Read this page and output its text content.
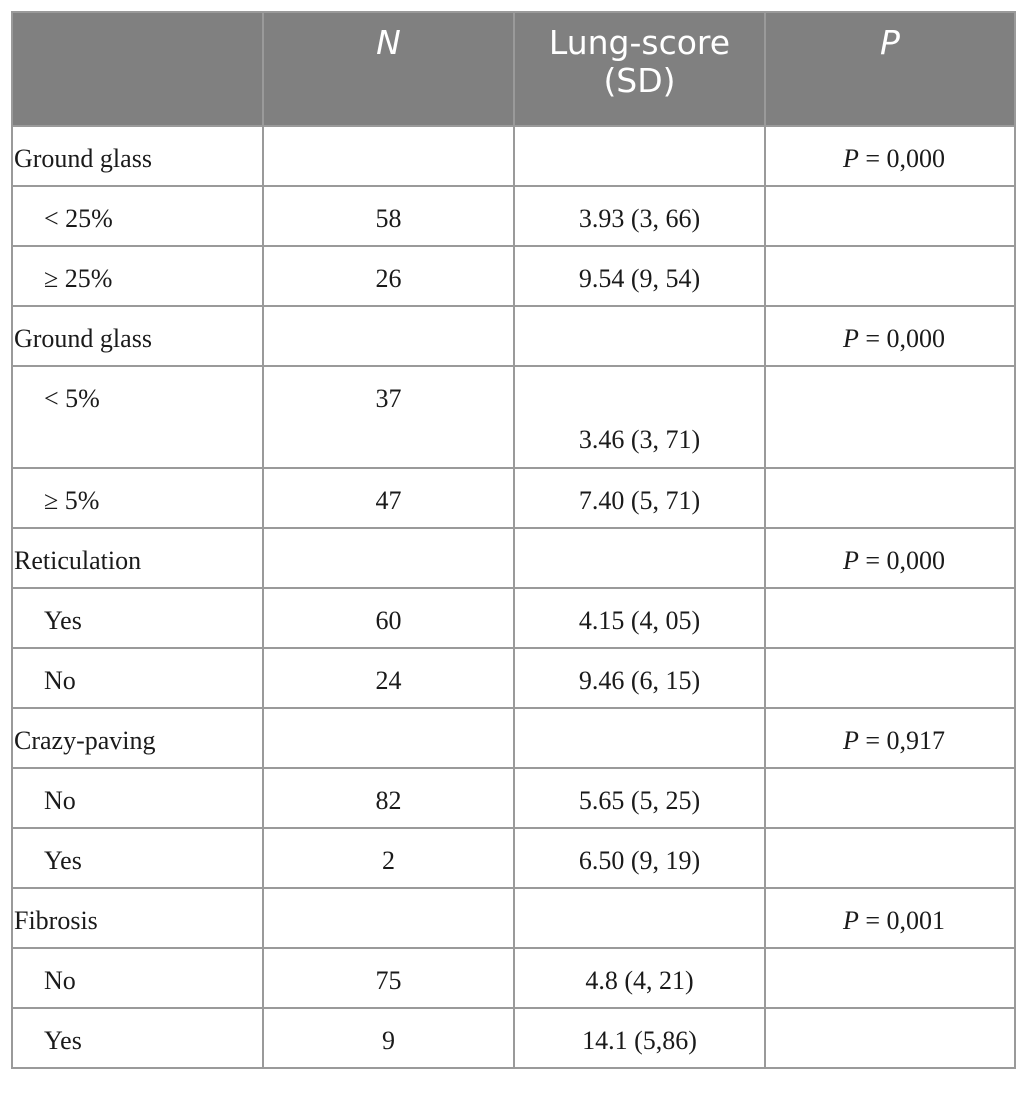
	N	Lung-score (SD)	P
Ground glass			P = 0,000
< 25%	58	3.93 (3, 66)	
≥ 25%	26	9.54 (9, 54)	
Ground glass			P = 0,000
< 5%	37	3.46 (3, 71)	

≥ 5%	47	7.40 (5, 71)	
Reticulation			P = 0,000
Yes	60	4.15 (4, 05)	
No	24	9.46 (6, 15)	
Crazy-paving			P = 0,917
No	82	5.65 (5, 25)	
Yes	2	6.50 (9, 19)	
Fibrosis			P = 0,001
No	75	4.8 (4, 21)	
Yes	9	14.1 (5,86)	
